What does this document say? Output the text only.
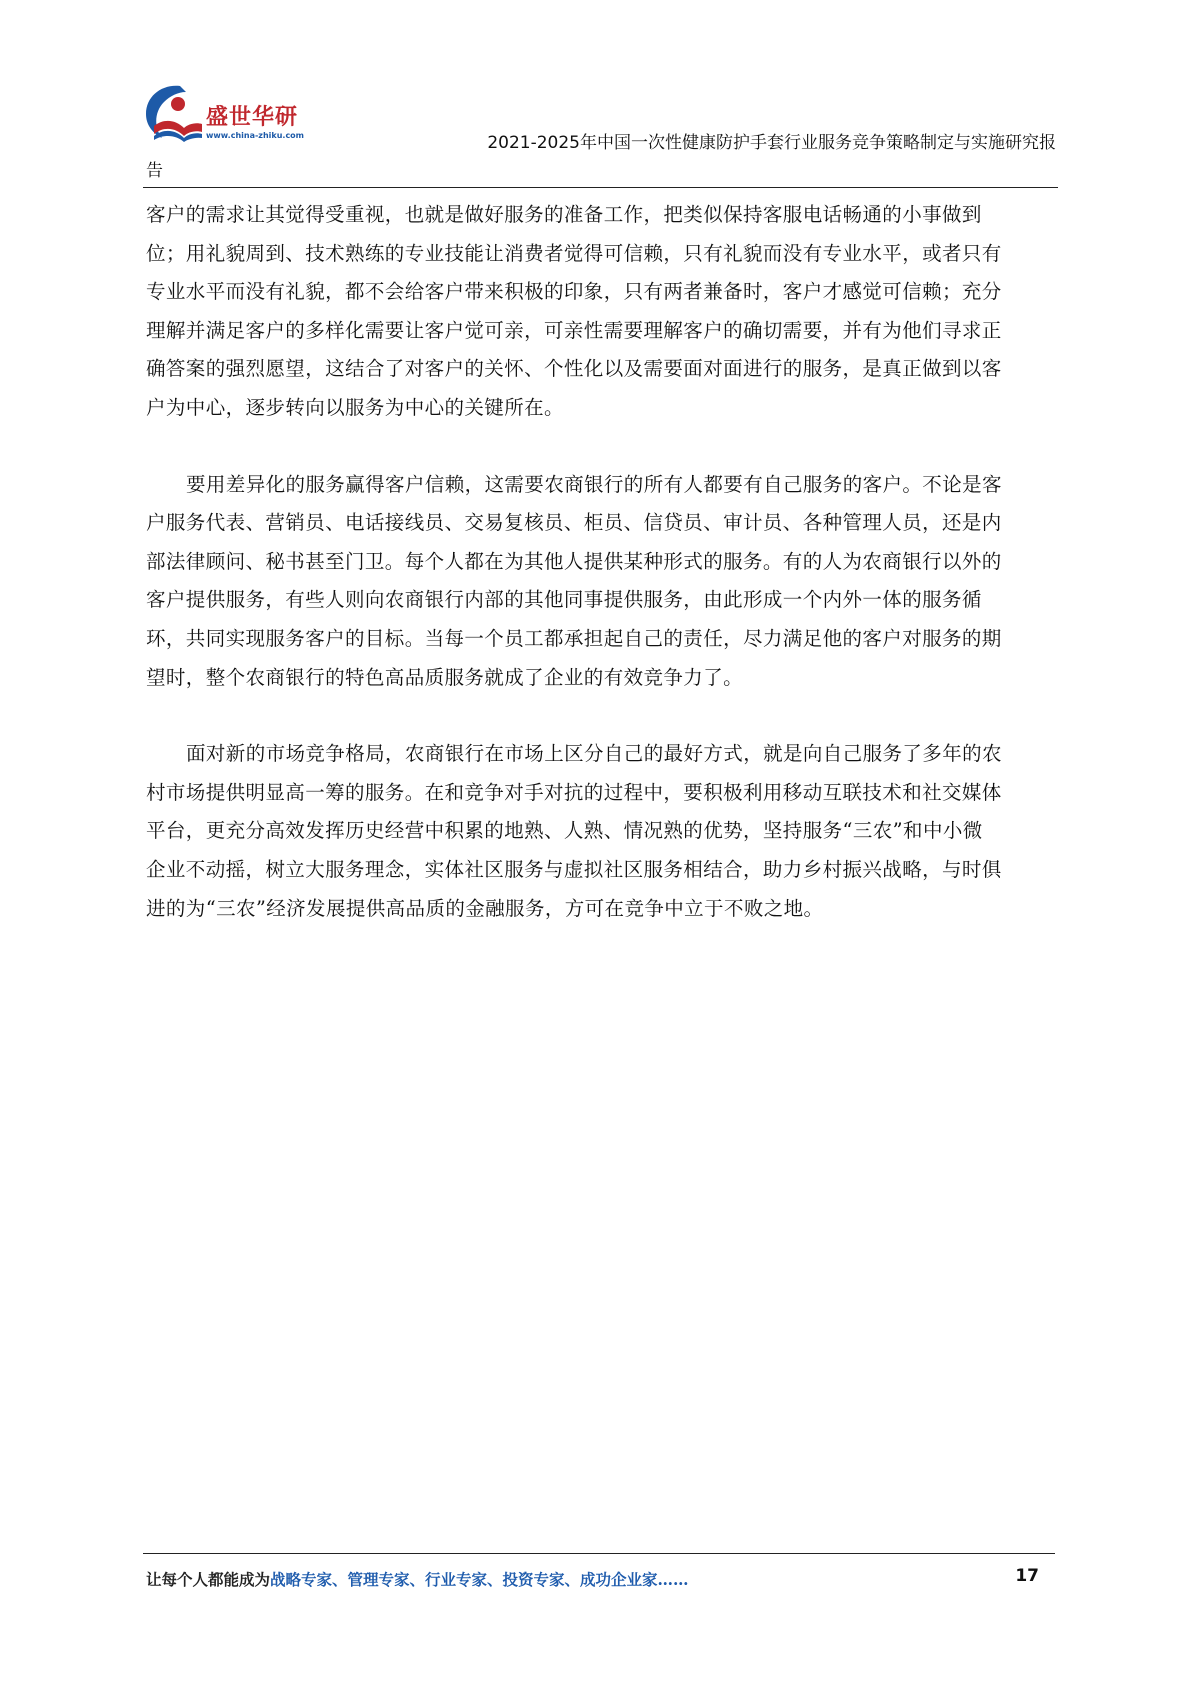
盛世华研
www.china-zhiku.com	2021-2025年中国一次性健康防护手套行业服务竞争策略制定与实施研究报
告

客户的需求让其觉得受重视，也就是做好服务的准备工作，把类似保持客服电话畅通的小事做到
位；用礼貌周到、技术熟练的专业技能让消费者觉得可信赖，只有礼貌而没有专业水平，或者只有
专业水平而没有礼貌，都不会给客户带来积极的印象，只有两者兼备时，客户才感觉可信赖；充分
理解并满足客户的多样化需要让客户觉可亲，可亲性需要理解客户的确切需要，并有为他们寻求正
确答案的强烈愿望，这结合了对客户的关怀、个性化以及需要面对面进行的服务，是真正做到以客
户为中心，逐步转向以服务为中心的关键所在。

要用差异化的服务赢得客户信赖，这需要农商银行的所有人都要有自己服务的客户。不论是客
户服务代表、营销员、电话接线员、交易复核员、柜员、信贷员、审计员、各种管理人员，还是内
部法律顾问、秘书甚至门卫。每个人都在为其他人提供某种形式的服务。有的人为农商银行以外的
客户提供服务，有些人则向农商银行内部的其他同事提供服务，由此形成一个内外一体的服务循
环，共同实现服务客户的目标。当每一个员工都承担起自己的责任，尽力满足他的客户对服务的期
望时，整个农商银行的特色高品质服务就成了企业的有效竞争力了。

面对新的市场竞争格局，农商银行在市场上区分自己的最好方式，就是向自己服务了多年的农
村市场提供明显高一筹的服务。在和竞争对手对抗的过程中，要积极利用移动互联技术和社交媒体
平台，更充分高效发挥历史经营中积累的地熟、人熟、情况熟的优势，坚持服务“三农”和中小微
企业不动摇，树立大服务理念，实体社区服务与虚拟社区服务相结合，助力乡村振兴战略，与时俱
进的为“三农”经济发展提供高品质的金融服务，方可在竞争中立于不败之地。

让每个人都能成为战略专家、管理专家、行业专家、投资专家、成功企业家……	17
